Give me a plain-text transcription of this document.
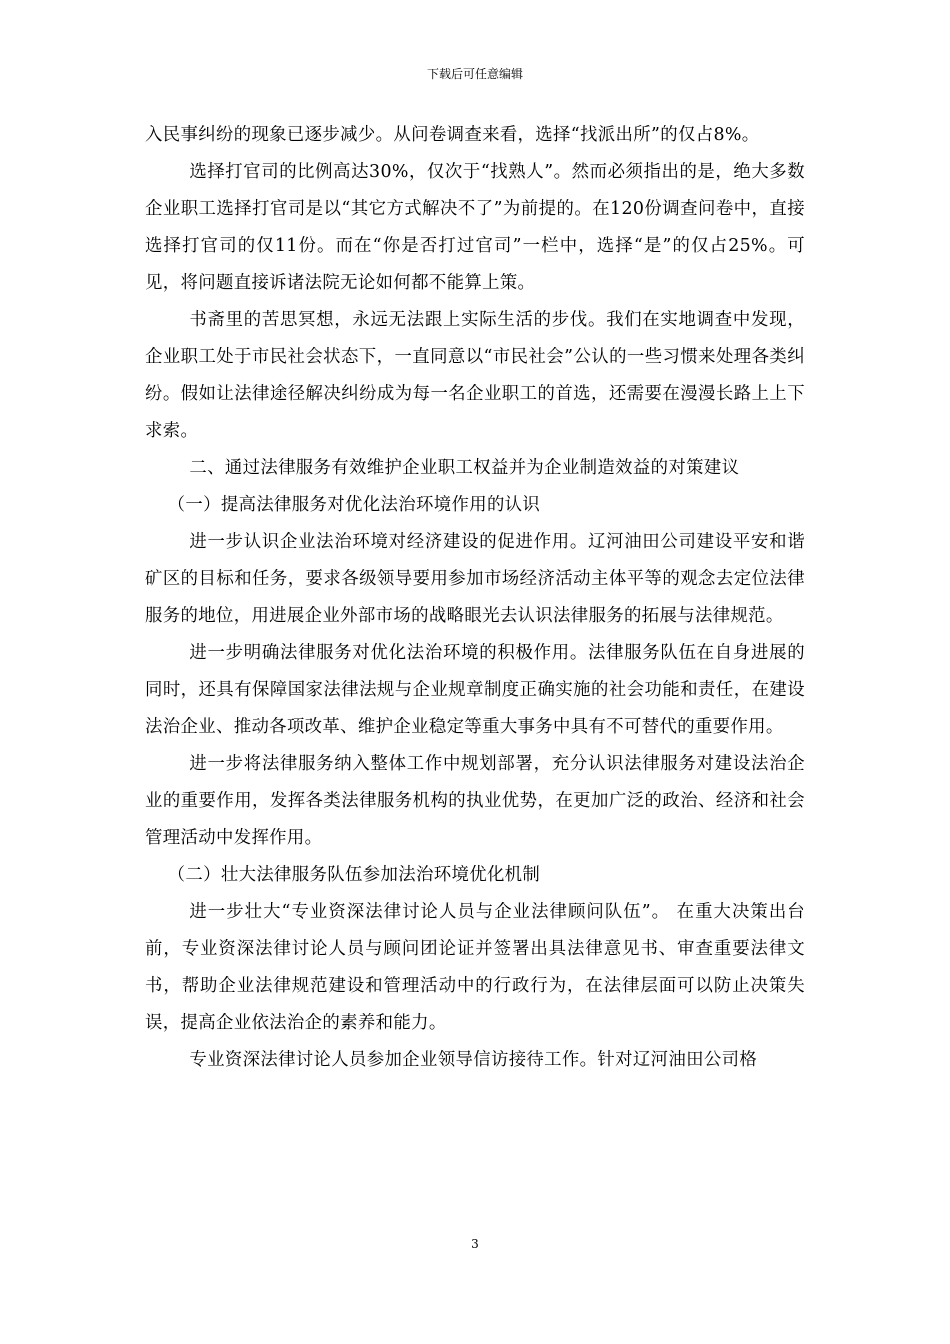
下载后可任意编辑

入民事纠纷的现象已逐步减少。从问卷调查来看，选择“找派出所”的仅占8%。

选择打官司的比例高达30%，仅次于“找熟人”。然而必须指出的是，绝大多数企业职工选择打官司是以“其它方式解决不了”为前提的。在120份调查问卷中，直接选择打官司的仅11份。而在“你是否打过官司”一栏中，选择“是”的仅占25%。可见，将问题直接诉诸法院无论如何都不能算上策。

书斋里的苦思冥想，永远无法跟上实际生活的步伐。我们在实地调查中发现，企业职工处于市民社会状态下，一直同意以“市民社会”公认的一些习惯来处理各类纠纷。假如让法律途径解决纠纷成为每一名企业职工的首选，还需要在漫漫长路上上下求索。

二、通过法律服务有效维护企业职工权益并为企业制造效益的对策建议

（一）提高法律服务对优化法治环境作用的认识

进一步认识企业法治环境对经济建设的促进作用。辽河油田公司建设平安和谐矿区的目标和任务，要求各级领导要用参加市场经济活动主体平等的观念去定位法律服务的地位，用进展企业外部市场的战略眼光去认识法律服务的拓展与法律规范。

进一步明确法律服务对优化法治环境的积极作用。法律服务队伍在自身进展的同时，还具有保障国家法律法规与企业规章制度正确实施的社会功能和责任，在建设法治企业、推动各项改革、维护企业稳定等重大事务中具有不可替代的重要作用。

进一步将法律服务纳入整体工作中规划部署，充分认识法律服务对建设法治企业的重要作用，发挥各类法律服务机构的执业优势，在更加广泛的政治、经济和社会管理活动中发挥作用。

（二）壮大法律服务队伍参加法治环境优化机制

进一步壮大“专业资深法律讨论人员与企业法律顾问队伍”。 在重大决策出台前，专业资深法律讨论人员与顾问团论证并签署出具法律意见书、审查重要法律文书，帮助企业法律规范建设和管理活动中的行政行为，在法律层面可以防止决策失误，提高企业依法治企的素养和能力。

专业资深法律讨论人员参加企业领导信访接待工作。针对辽河油田公司格

3
